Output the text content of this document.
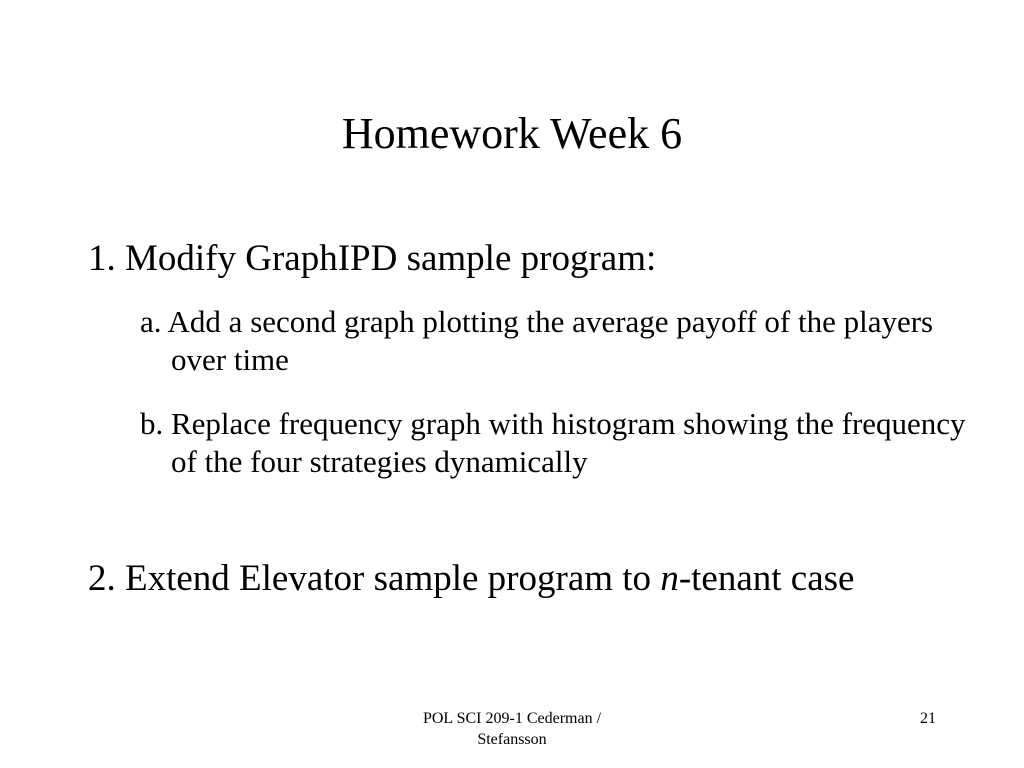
Homework Week 6
1. Modify GraphIPD sample program:
a. Add a second graph plotting the average payoff of the players over time
b. Replace frequency graph with histogram showing the frequency of the four strategies dynamically
2. Extend Elevator sample program to n-tenant case
POL SCI 209-1 Cederman /
Stefansson
21
